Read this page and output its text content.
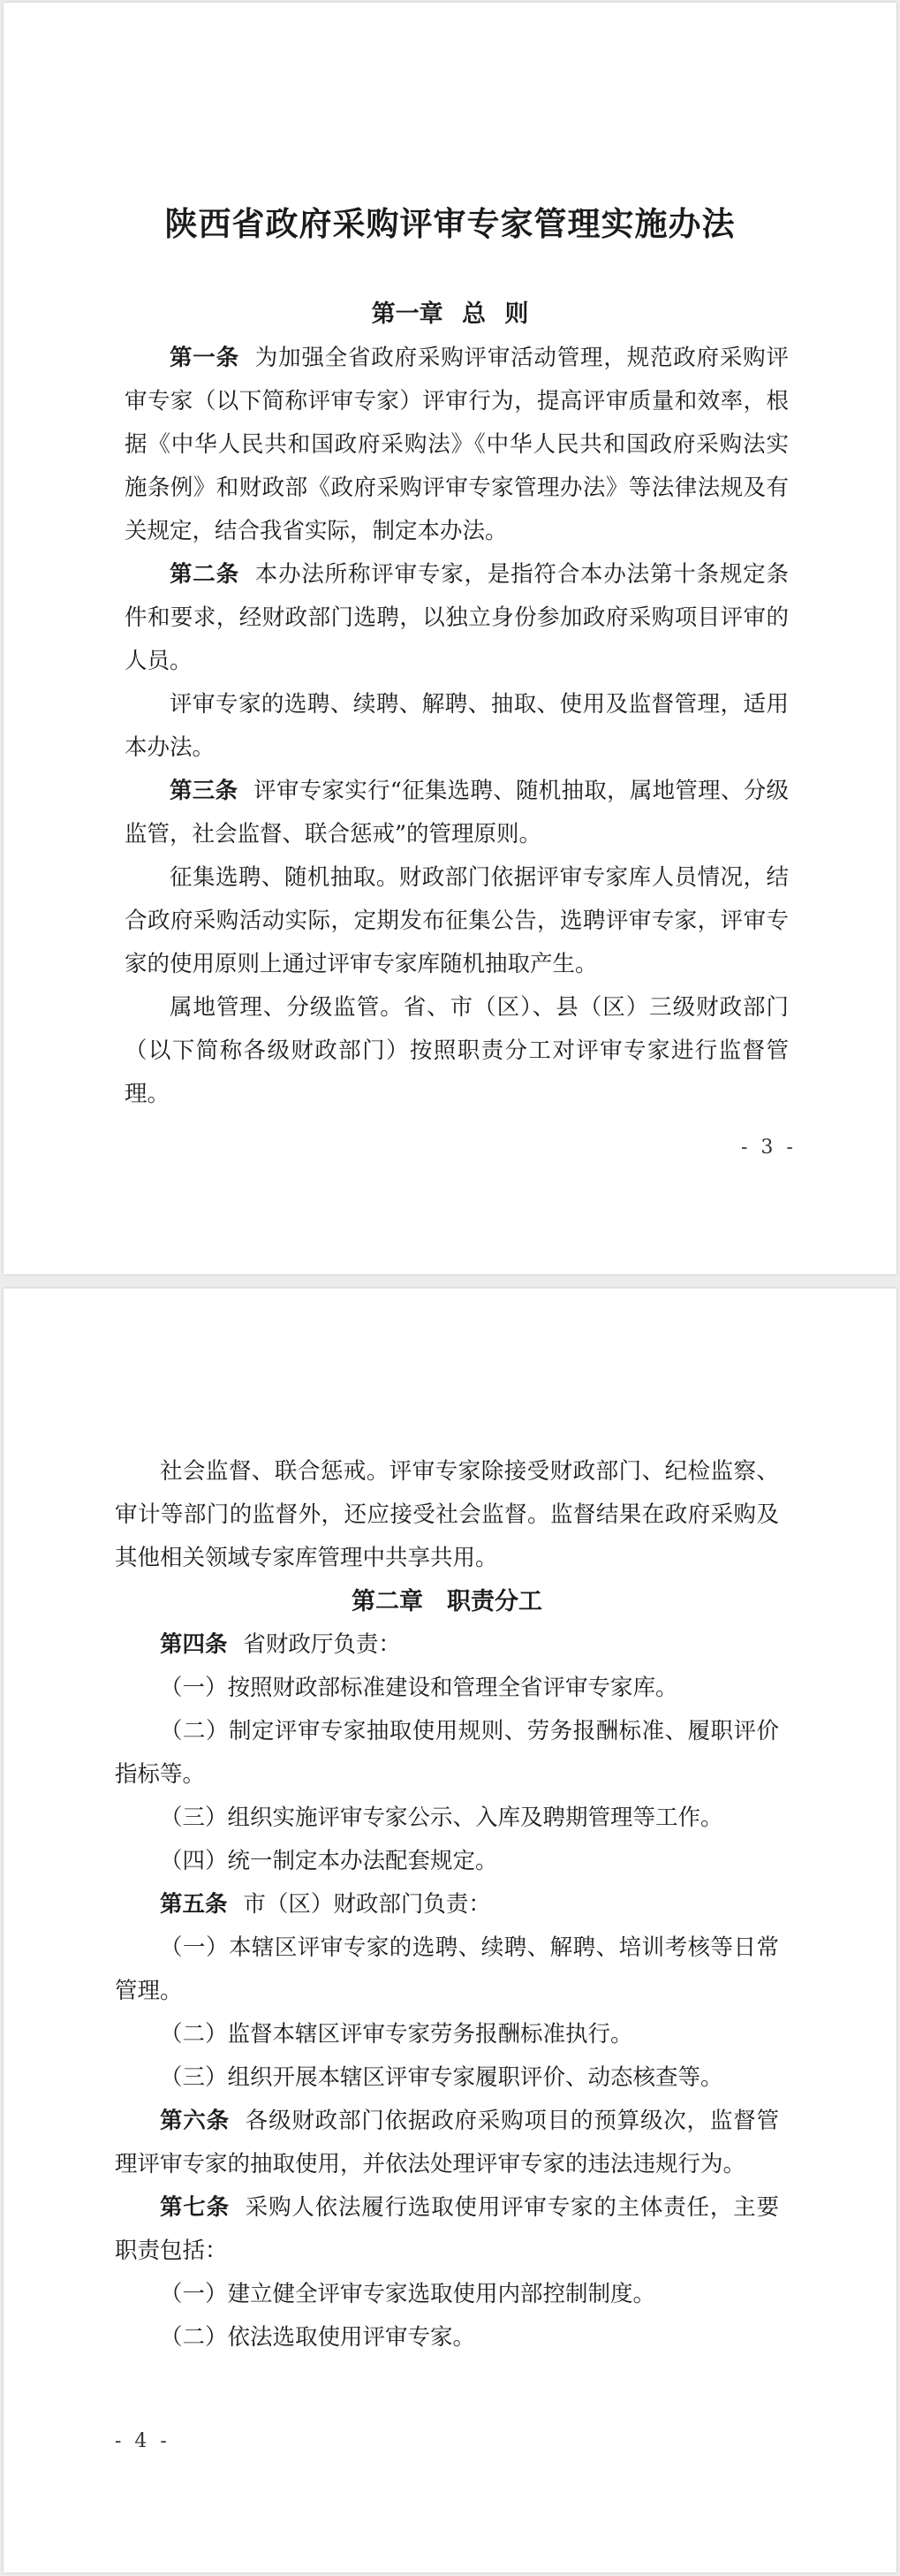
陕西省政府采购评审专家管理实施办法
第一章 总 则

第一条 为加强全省政府采购评审活动管理，规范政府采购评审专家（以下简称评审专家）评审行为，提高评审质量和效率，根据《中华人民共和国政府采购法》《中华人民共和国政府采购法实施条例》和财政部《政府采购评审专家管理办法》等法律法规及有关规定，结合我省实际，制定本办法。

第二条 本办法所称评审专家，是指符合本办法第十条规定条件和要求，经财政部门选聘，以独立身份参加政府采购项目评审的人员。

评审专家的选聘、续聘、解聘、抽取、使用及监督管理，适用本办法。

第三条 评审专家实行“征集选聘、随机抽取，属地管理、分级监管，社会监督、联合惩戒”的管理原则。

征集选聘、随机抽取。财政部门依据评审专家库人员情况，结合政府采购活动实际，定期发布征集公告，选聘评审专家，评审专家的使用原则上通过评审专家库随机抽取产生。

属地管理、分级监管。省、市（区）、县（区）三级财政部门（以下简称各级财政部门）按照职责分工对评审专家进行监督管理。

- 3 -

社会监督、联合惩戒。评审专家除接受财政部门、纪检监察、审计等部门的监督外，还应接受社会监督。监督结果在政府采购及其他相关领域专家库管理中共享共用。

第二章　职责分工

第四条 省财政厅负责：

（一）按照财政部标准建设和管理全省评审专家库。

（二）制定评审专家抽取使用规则、劳务报酬标准、履职评价指标等。

（三）组织实施评审专家公示、入库及聘期管理等工作。

（四）统一制定本办法配套规定。

第五条 市（区）财政部门负责：

（一）本辖区评审专家的选聘、续聘、解聘、培训考核等日常管理。

（二）监督本辖区评审专家劳务报酬标准执行。

（三）组织开展本辖区评审专家履职评价、动态核查等。

第六条 各级财政部门依据政府采购项目的预算级次，监督管理评审专家的抽取使用，并依法处理评审专家的违法违规行为。

第七条 采购人依法履行选取使用评审专家的主体责任，主要职责包括：

（一）建立健全评审专家选取使用内部控制制度。

（二）依法选取使用评审专家。

- 4 -
